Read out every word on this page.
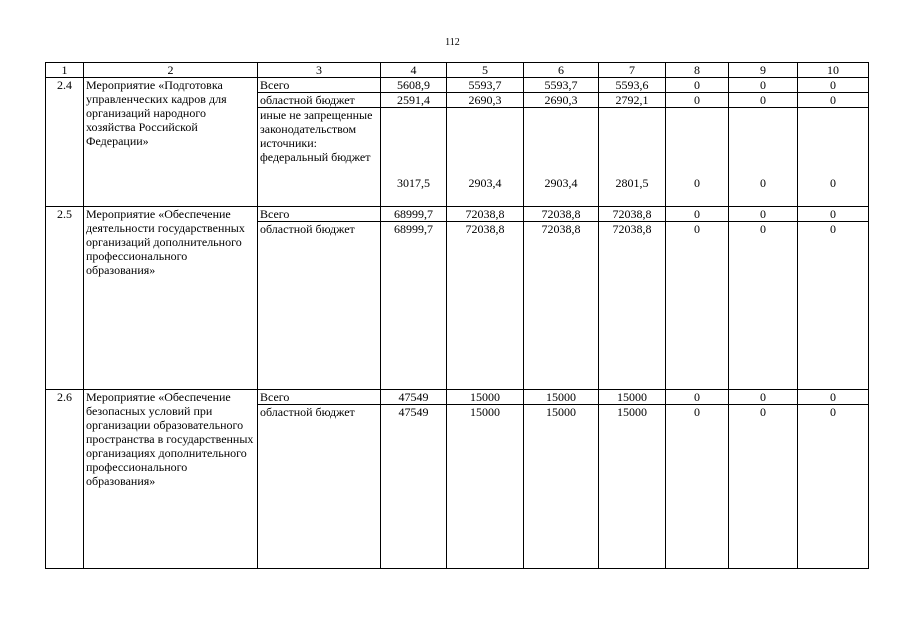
112
1	2	3	4	5	6	7	8	9	10
2.4	Мероприятие «Подготовка управленческих кадров для организаций народного хозяйства Российской Федерации»	Всего	5608,9	5593,7	5593,7	5593,6	0	0	0
		областной бюджет	2591,4	2690,3	2690,3	2792,1	0	0	0
		иные не запрещенные законодательством источники: федеральный бюджет	3017,5	2903,4	2903,4	2801,5	0	0	0
2.5	Мероприятие «Обеспечение деятельности государственных организаций дополнительного профессионального образования»	Всего	68999,7	72038,8	72038,8	72038,8	0	0	0
		областной бюджет	68999,7	72038,8	72038,8	72038,8	0	0	0
2.6	Мероприятие «Обеспечение безопасных условий при организации образовательного пространства в государственных организациях дополнительного профессионального образования»	Всего	47549	15000	15000	15000	0	0	0
		областной бюджет	47549	15000	15000	15000	0	0	0
